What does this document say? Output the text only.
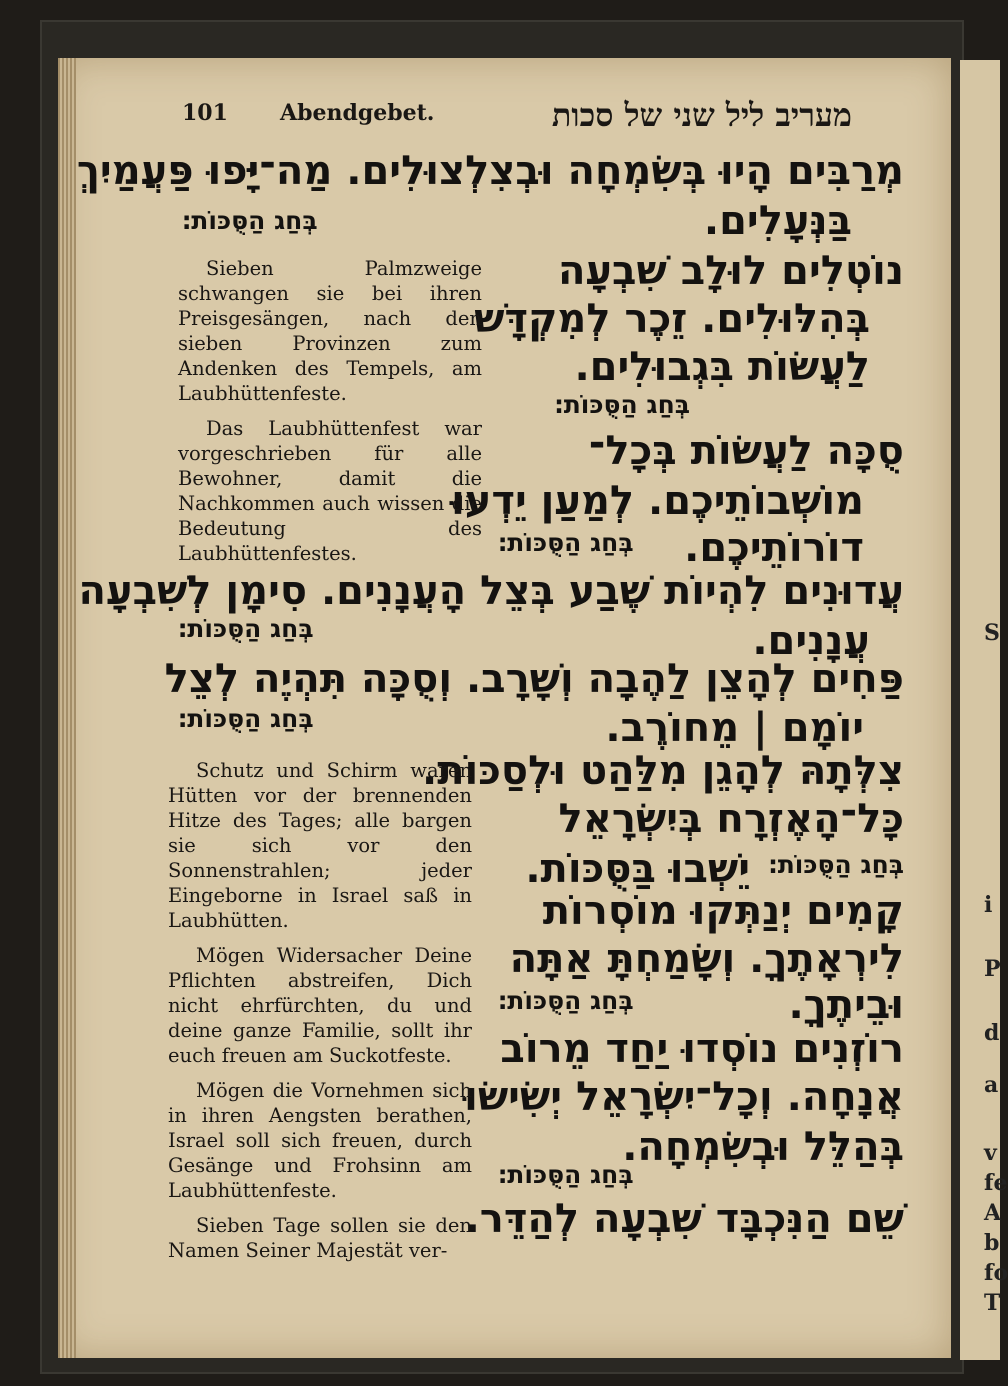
S
i
P
d
a
v
fe
A
b
fo
T
101 Abendgebet.	מעריב ליל שני של סכות
מְרַבִּים הָיוּ בְּשִׂמְחָה וּבְצִלְצוּלִים. מַה־יָּפוּ פַּעֲמַיִךְ
בַּנְּעָלִים.
בְּחַג הַסֻּכּוֹת׃
נוֹטְלִים לוּלָב שִׁבְעָה
בְּהִלּוּלִים. זֵכֶר לְמִקְדָּשׁ
לַעֲשׂוֹת בִּגְבוּלִים.
בְּחַג הַסֻּכּוֹת׃
סֻכָּה לַעֲשׂוֹת בְּכָל־
מוֹשְׁבוֹתֵיכֶם. לְמַעַן יֵדְעוּ
דוֹרוֹתֵיכֶם.
בְּחַג הַסֻּכּוֹת׃
עֲדוּנִים לִהְיוֹת שֶׁבַע בְּצֵל הָעֲנָנִים. סִימָן לְשִׁבְעָה
עֲנָנִים.
בְּחַג הַסֻּכּוֹת׃
פַּחִים לְהָצֵן לַהֶבָה וְשָׁרָב. וְסֻכָּה תִּהְיֶה לְצֵל
יוֹמָם | מֵחוֹרֶב.
בְּחַג הַסֻּכּוֹת׃
צִלְּתָהּ לְהָגֵן מִלַּהַט וּלְסַכּוֹת.
כָּל־הָאֶזְרָח בְּיִשְׂרָאֵל
יֵשְׁבוּ בַּסֻּכּוֹת. בְּחַג הַסֻּכּוֹת׃
קָמִים יְנַתְּקוּ מוֹסְרוֹת
לִירְאָתֶךָ. וְשָׂמַחְתָּ אַתָּה
וּבֵיתֶךָ.
בְּחַג הַסֻּכּוֹת׃
רוֹזְנִים נוֹסְדוּ יַחַד מֵרוֹב
אֲנָחָה. וְכָל־יִשְׂרָאֵל יְשִׂישׂוּ
בְּהַלֵּל וּבְשִׂמְחָה.
בְּחַג הַסֻּכּוֹת׃
שֵׁם הַנִּכְבָּד שִׁבְעָה לְהַדֵּר.

Sieben Palmzweige schwangen sie bei ihren Preisgesängen, nach den sieben Provinzen zum Andenken des Tempels, am Laubhüttenfeste.

Das Laubhüttenfest war vorgeschrieben für alle Bewohner, damit die Nachkommen auch wissen die Bedeutung des Laubhüttenfestes.

Schutz und Schirm waren Hütten vor der brennenden Hitze des Tages; alle bargen sie sich vor den Sonnenstrahlen; jeder Eingeborne in Israel saß in Laubhütten.

Mögen Widersacher Deine Pflichten abstreifen, Dich nicht ehrfürchten, du und deine ganze Familie, sollt ihr euch freuen am Suckotfeste.

Mögen die Vornehmen sich in ihren Aengsten berathen, Israel soll sich freuen, durch Gesänge und Frohsinn am Laubhüttenfeste.

Sieben Tage sollen sie den Namen Seiner Majestät ver-
